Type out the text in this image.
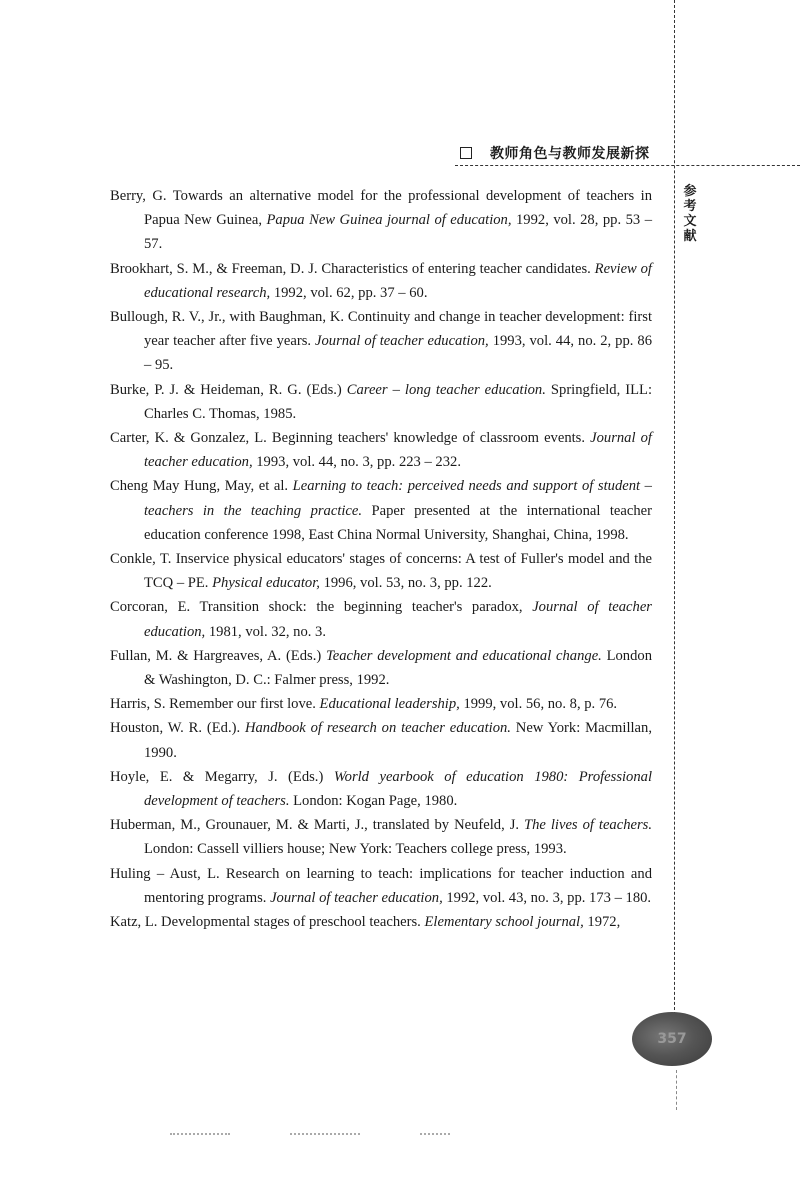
教师角色与教师发展新探
参考文献

Berry, G. Towards an alternative model for the professional development of teachers in Papua New Guinea, Papua New Guinea journal of education, 1992, vol. 28, pp. 53 – 57.

Brookhart, S. M., & Freeman, D. J. Characteristics of entering teacher candidates. Review of educational research, 1992, vol. 62, pp. 37 – 60.

Bullough, R. V., Jr., with Baughman, K. Continuity and change in teacher development: first year teacher after five years. Journal of teacher education, 1993, vol. 44, no. 2, pp. 86 – 95.

Burke, P. J. & Heideman, R. G. (Eds.) Career – long teacher education. Springfield, ILL: Charles C. Thomas, 1985.

Carter, K. & Gonzalez, L. Beginning teachers' knowledge of classroom events. Journal of teacher education, 1993, vol. 44, no. 3, pp. 223 – 232.

Cheng May Hung, May, et al. Learning to teach: perceived needs and support of student – teachers in the teaching practice. Paper presented at the international teacher education conference 1998, East China Normal University, Shanghai, China, 1998.

Conkle, T. Inservice physical educators' stages of concerns: A test of Fuller's model and the TCQ – PE. Physical educator, 1996, vol. 53, no. 3, pp. 122.

Corcoran, E. Transition shock: the beginning teacher's paradox, Journal of teacher education, 1981, vol. 32, no. 3.

Fullan, M. & Hargreaves, A. (Eds.) Teacher development and educational change. London & Washington, D. C.: Falmer press, 1992.

Harris, S. Remember our first love. Educational leadership, 1999, vol. 56, no. 8, p. 76.

Houston, W. R. (Ed.). Handbook of research on teacher education. New York: Macmillan, 1990.

Hoyle, E. & Megarry, J. (Eds.) World yearbook of education 1980: Professional development of teachers. London: Kogan Page, 1980.

Huberman, M., Grounauer, M. & Marti, J., translated by Neufeld, J. The lives of teachers. London: Cassell villiers house; New York: Teachers college press, 1993.

Huling – Aust, L. Research on learning to teach: implications for teacher induction and mentoring programs. Journal of teacher education, 1992, vol. 43, no. 3, pp. 173 – 180.

Katz, L. Developmental stages of preschool teachers. Elementary school journal, 1972,

357
